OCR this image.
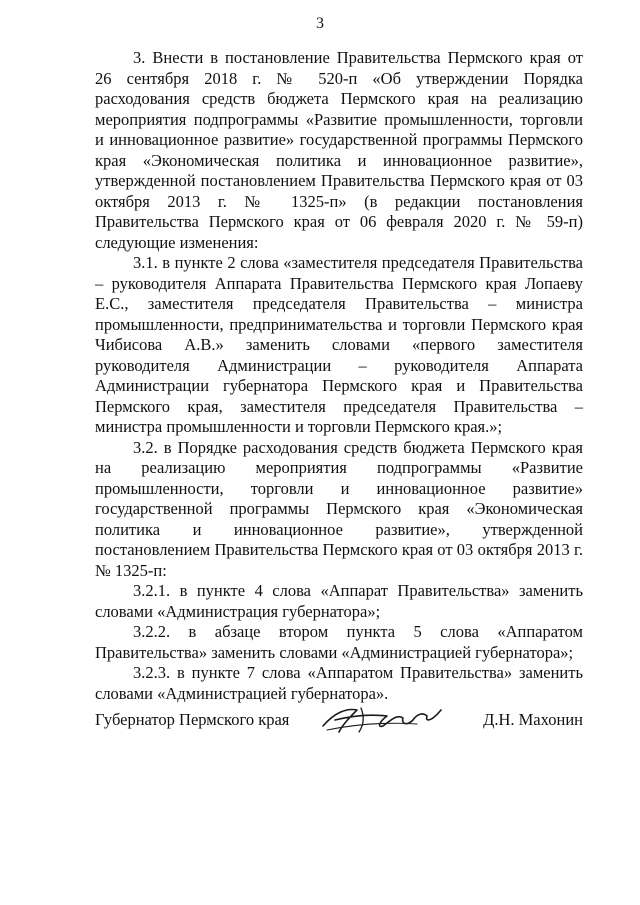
3

3. Внести в постановление Правительства Пермского края от 26 сентября 2018 г. № 520-п «Об утверждении Порядка расходования средств бюджета Пермского края на реализацию мероприятия подпрограммы «Развитие промышленности, торговли и инновационное развитие» государственной программы Пермского края «Экономическая политика и инновационное развитие», утвержденной постановлением Правительства Пермского края от 03 октября 2013 г. № 1325-п» (в редакции постановления Правительства Пермского края от 06 февраля 2020 г. № 59-п) следующие изменения:

3.1. в пункте 2 слова «заместителя председателя Правительства – руководителя Аппарата Правительства Пермского края Лопаеву Е.С., заместителя председателя Правительства – министра промышленности, предпринимательства и торговли Пермского края Чибисова А.В.» заменить словами «первого заместителя руководителя Администрации – руководителя Аппарата Администрации губернатора Пермского края и Правительства Пермского края, заместителя председателя Правительства – министра промышленности и торговли Пермского края.»;

3.2. в Порядке расходования средств бюджета Пермского края на реализацию мероприятия подпрограммы «Развитие промышленности, торговли и инновационное развитие» государственной программы Пермского края «Экономическая политика и инновационное развитие», утвержденной постановлением Правительства Пермского края от 03 октября 2013 г. № 1325-п:

3.2.1. в пункте 4 слова «Аппарат Правительства» заменить словами «Администрация губернатора»;

3.2.2. в абзаце втором пункта 5 слова «Аппаратом Правительства» заменить словами «Администрацией губернатора»;

3.2.3. в пункте 7 слова «Аппаратом Правительства» заменить словами «Администрацией губернатора».

Губернатор Пермского края	Д.Н. Махонин
